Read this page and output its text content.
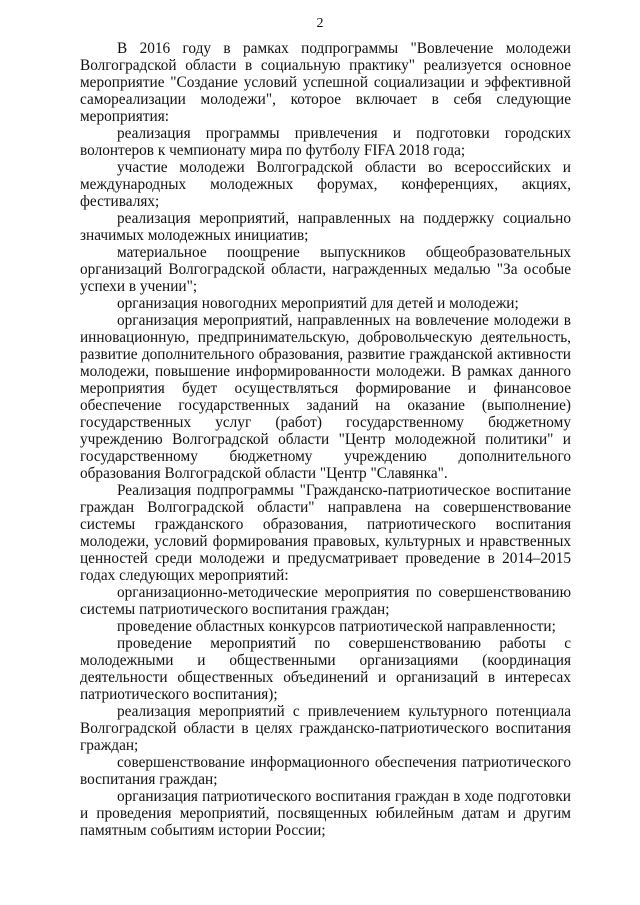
2

В 2016 году в рамках подпрограммы "Вовлечение молодежи Волгоградской области в социальную практику" реализуется основное мероприятие "Создание условий успешной социализации и эффективной самореализации молодежи", которое включает в себя следующие мероприятия:

реализация программы привлечения и подготовки городских волонтеров к чемпионату мира по футболу FIFA 2018 года;

участие молодежи Волгоградской области во всероссийских и международных молодежных форумах, конференциях, акциях, фестивалях;

реализация мероприятий, направленных на поддержку социально значимых молодежных инициатив;

материальное поощрение выпускников общеобразовательных организаций Волгоградской области, награжденных медалью "За особые успехи в учении";

организация новогодних мероприятий для детей и молодежи;

организация мероприятий, направленных на вовлечение молодежи в инновационную, предпринимательскую, добровольческую деятельность, развитие дополнительного образования, развитие гражданской активности молодежи, повышение информированности молодежи. В рамках данного мероприятия будет осуществляться формирование и финансовое обеспечение государственных заданий на оказание (выполнение) государственных услуг (работ) государственному бюджетному учреждению Волгоградской области "Центр молодежной политики" и государственному бюджетному учреждению дополнительного образования Волгоградской области "Центр "Славянка".

Реализация подпрограммы "Гражданско-патриотическое воспитание граждан Волгоградской области" направлена на совершенствование системы гражданского образования, патриотического воспитания молодежи, условий формирования правовых, культурных и нравственных ценностей среди молодежи и предусматривает проведение в 2014–2015 годах следующих мероприятий:

организационно-методические мероприятия по совершенствованию системы патриотического воспитания граждан;

проведение областных конкурсов патриотической направленности;

проведение мероприятий по совершенствованию работы с молодежными и общественными организациями (координация деятельности общественных объединений и организаций в интересах патриотического воспитания);

реализация мероприятий с привлечением культурного потенциала Волгоградской области в целях гражданско-патриотического воспитания граждан;

совершенствование информационного обеспечения патриотического воспитания граждан;

организация патриотического воспитания граждан в ходе подготовки и проведения мероприятий, посвященных юбилейным датам и другим памятным событиям истории России;
